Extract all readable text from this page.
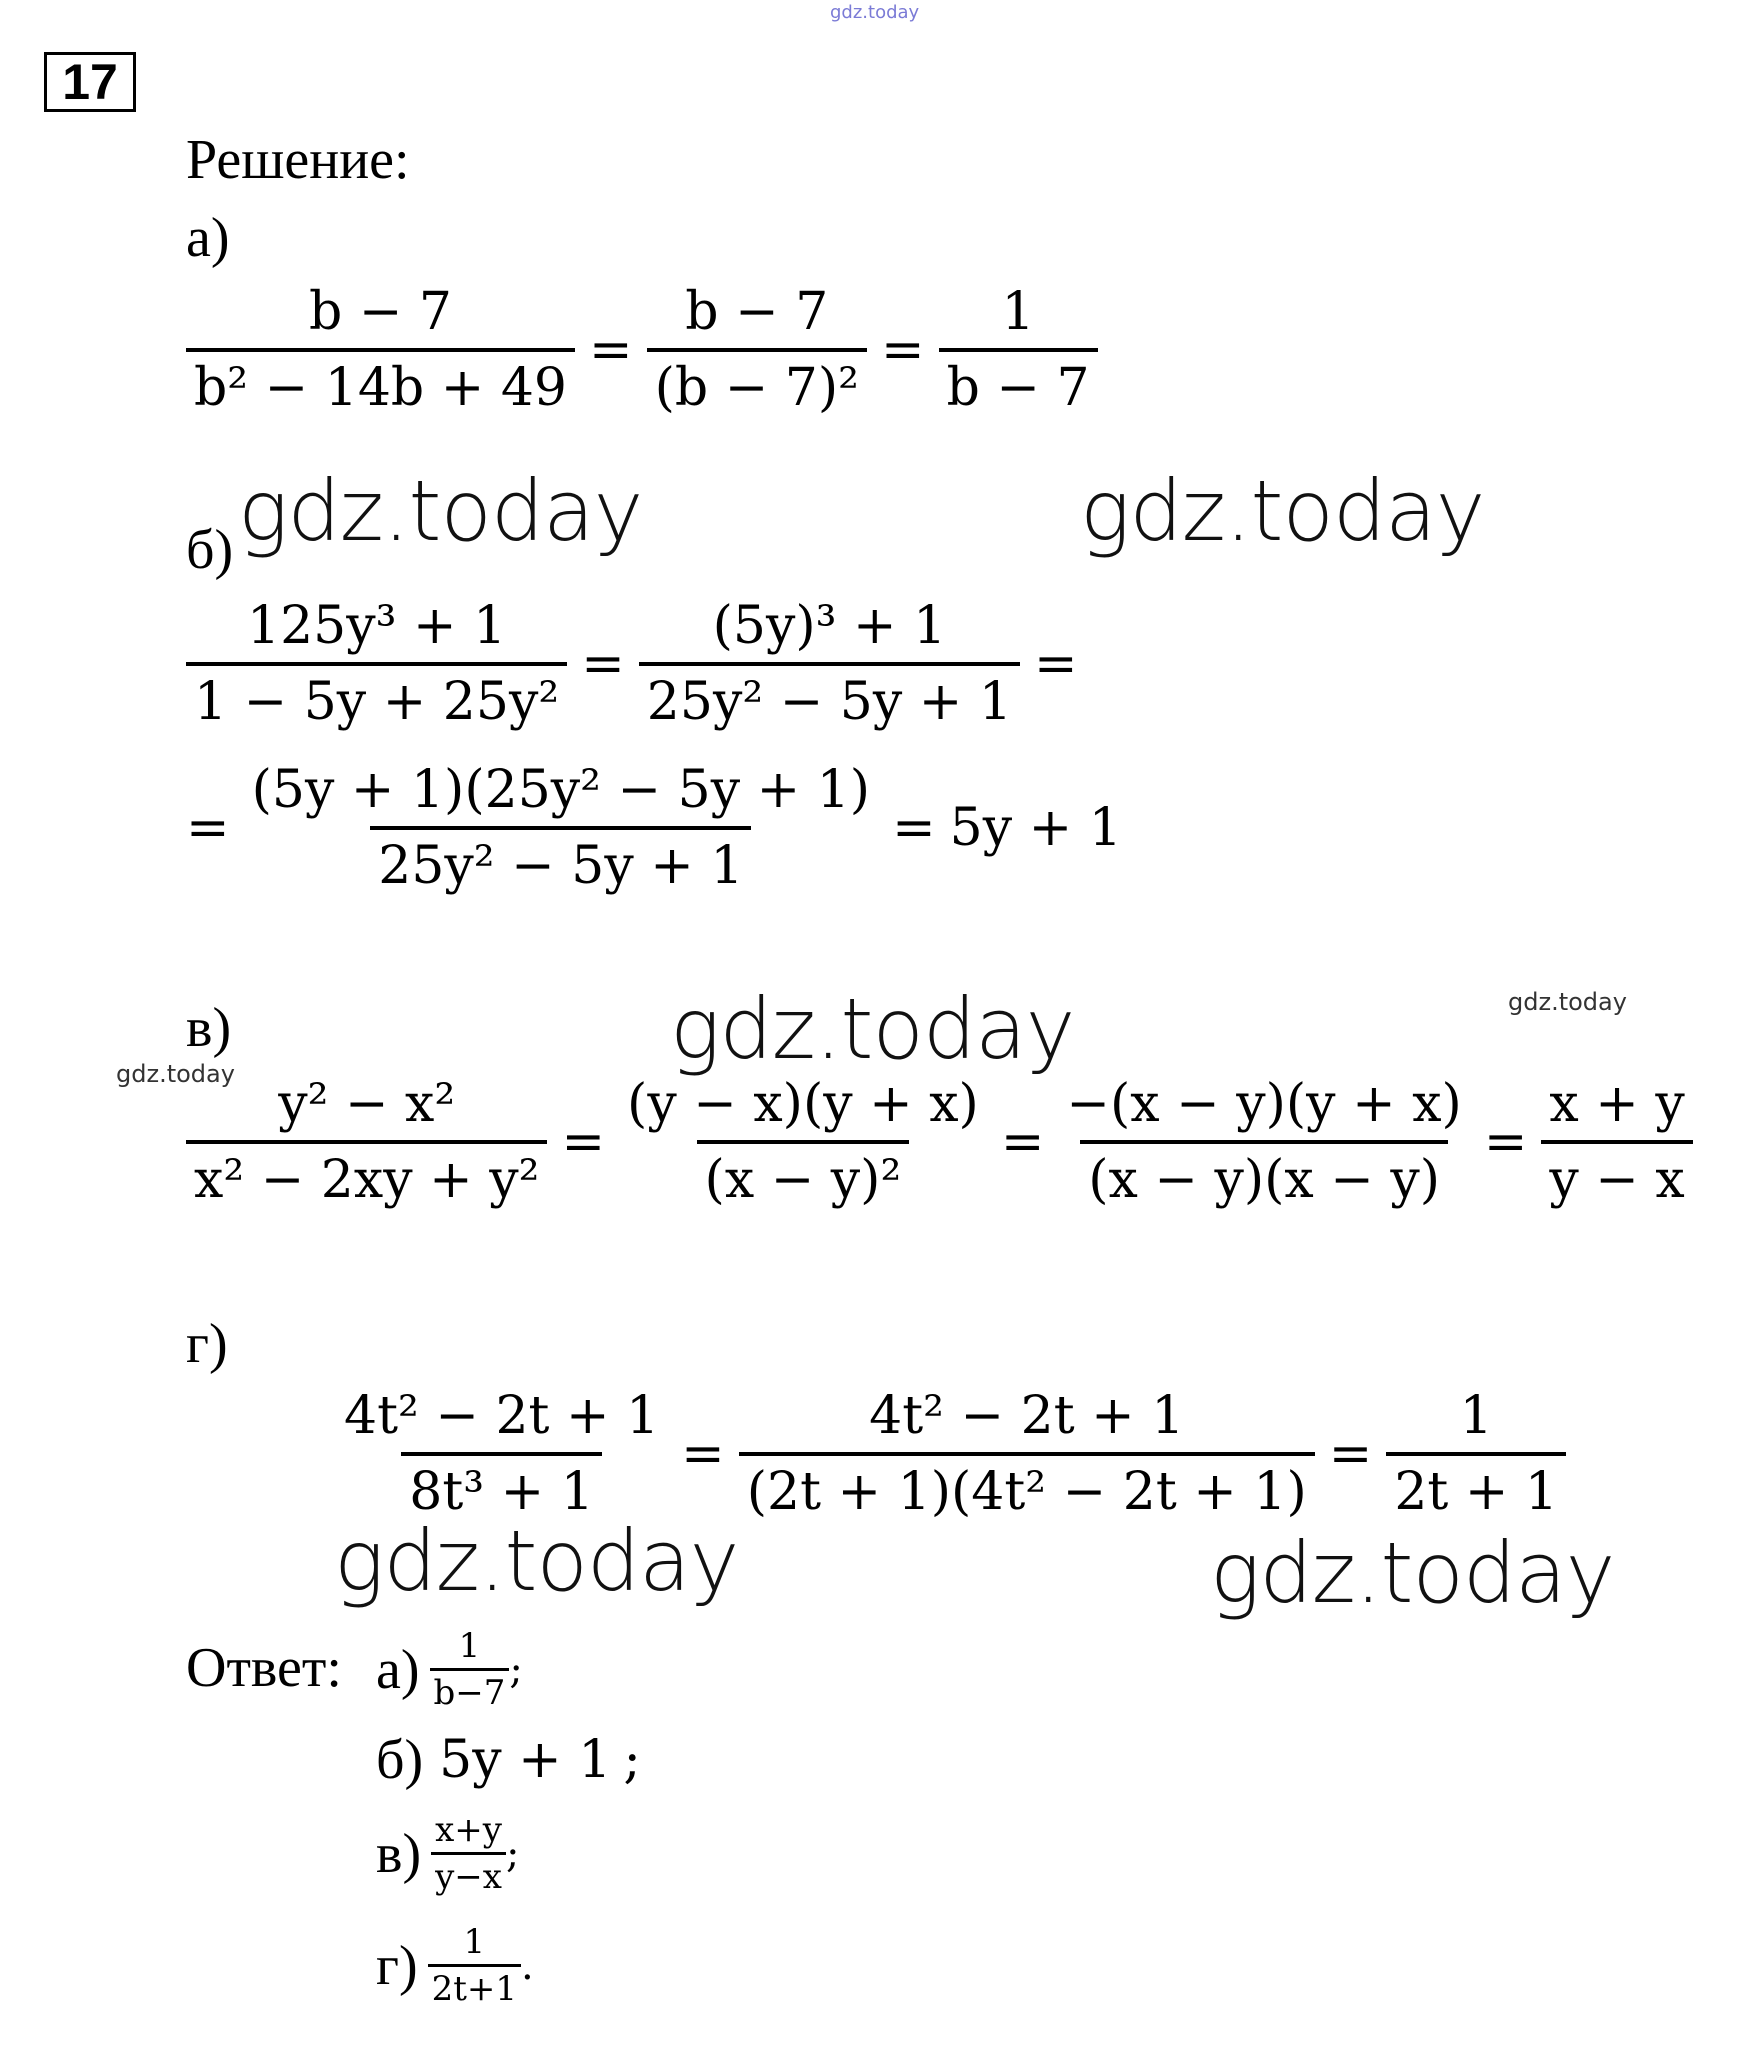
gdz.today
17
Решение:
а)
$\frac{b - 7}{\text{b² − 14b + 49}} = \frac{b - 7}{\text{(b − 7)²}} = \frac{1}{b - 7}$
gdz.today	gdz.today
б)
$\frac{\text{125y³ + 1}}{\text{1 − 5y + 25y²}} = \frac{\text{(5y)³ + 1}}{\text{25y² − 5y + 1}}$ =
= $\frac{\text{(5y + 1)(25y² − 5y + 1)}}{\text{25y² − 5y + 1}} = 5y + 1$
gdz.today	gdz.today
gdz.today
в)
$\frac{\text{y² − x²}}{\text{x² − 2xy + y²}} = \frac{(y - x)(y + x)}{\text{(x − y)²}} = \frac{-(x - y)(y + x)}{(x - y)(x - y)} = \frac{x + y}{y - x}$
г)
$\frac{\text{4t² − 2t + 1}}{\text{8t³ + 1}} = \frac{\text{4t² − 2t + 1}}{\text{(2t + 1)(4t² − 2t + 1)}} = \frac{1}{2t + 1}$
gdz.today	gdz.today
Ответ: $а) \frac{1}{b-7}$ ;
б) 5y + 1 ;
$в) \frac{x+y}{y-x}$ ;
$г) \frac{1}{2t+1}$ .
